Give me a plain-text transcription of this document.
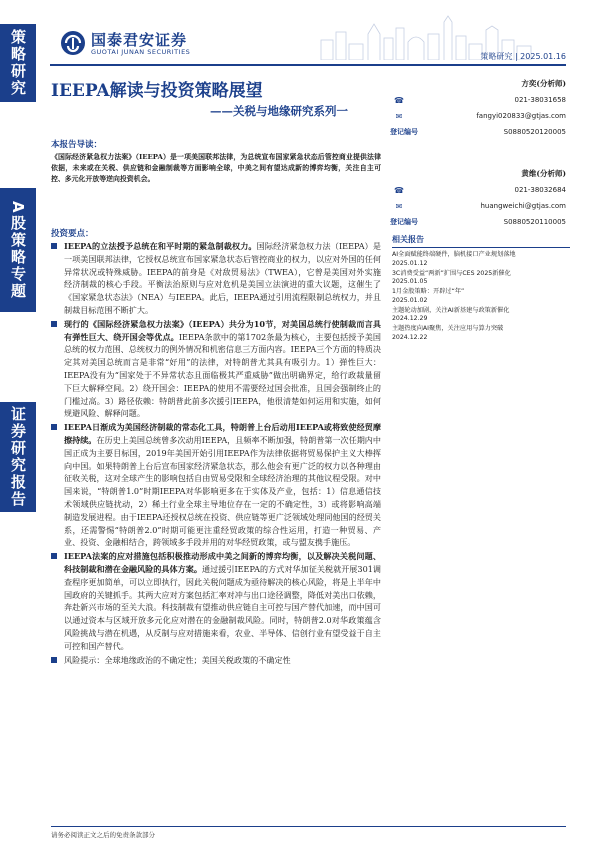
策略研究
A股策略专题
证券研究报告
国泰君安证券
GUOTAI JUNAN SECURITIES	策略研究 | 2025.01.16
IEEPA解读与投资策略展望
——关税与地缘研究系列一
方奕(分析师)
☎	021-38031658
✉	fangyi020833@gtjas.com
登记编号	S0880520120005
黄维(分析师)
☎	021-38032684
✉	huangweichi@gtjas.com
登记编号	S0880520110005
相关报告
AI全面赋能终端硬件，脑机接口产业规划落地
2025.01.12
3C消费受益“两新”扩围与CES 2025新催化
2025.01.05
1月金股策略：开辟过“年”
2025.01.02
主题轮动加剧，关注AI新基建与政策新催化
2024.12.29
主题热度向AI聚焦，关注应用与算力突破
2024.12.22
本报告导读：
《国际经济紧急权力法案》（IEEPA）是一项美国联邦法律，为总统宣布国家紧急状态后管控商业提供法律依据，未来或在关税、供应链和金融制裁等方面影响全球，中美之间有望达成新的博弈均衡，关注自主可控、多元化开放等逆向投资机会。
投资要点：
IEEPA的立法授予总统在和平时期的紧急制裁权力。国际经济紧急权力法（IEEPA）是一项美国联邦法律，它授权总统宣布国家紧急状态后管控商业的权力，以应对外国的任何异常状况或特殊威胁。IEEPA的前身是《对敌贸易法》（TWEA），它曾是美国对外实施经济制裁的核心手段。平衡法治原则与应对危机是美国立法演进的重大议题，这催生了《国家紧急状态法》（NEA）与IEEPA。此后，IEEPA通过引用流程限制总统权力，并且制裁目标范围不断扩大。
现行的《国际经济紧急权力法案》（IEEPA）共分为10节，对美国总统行使制裁而言具有弹性巨大、绕开国会等优点。IEEPA条款中的第1702条最为核心，主要包括授予美国总统的权力范围、总统权力的例外情况和机密信息三方面内容。IEEPA三个方面的特质决定其对美国总统而言是非常“好用”的法律，对特朗普尤其具有吸引力。1）弹性巨大：IEEPA没有为“国家处于不异常状态且面临极其严重威胁”做出明确界定，给行政裁量留下巨大解释空间。2）绕开国会：IEEPA的使用不需要经过国会批准，且国会强制终止的门槛过高。3）路径依赖：特朗普此前多次援引IEEPA，他很清楚如何运用和实施，如何规避风险、解释问题。
IEEPA日渐成为美国经济制裁的常态化工具，特朗普上台后动用IEEPA或将致使经贸摩擦持续。在历史上美国总统曾多次动用IEEPA，且频率不断加强，特朗普第一次任期内中国正成为主要目标国，2019年美国开始引用IEEPA作为法律依据将贸易保护主义大棒挥向中国。如果特朗普上台后宣布国家经济紧急状态，那么他会有更广泛的权力以各种理由征收关税，这对全球产生的影响包括自由贸易受限和全球经济治理的其他议程受限。对中国来说，“特朗普1.0”时期IEEPA对华影响更多在于实体及产业，包括：1）信息通信技术领域供应链扰动，2）稀土行业全球主导地位存在一定的不确定性，3）或将影响高端制造发展进程。由于IEEPA还授权总统在投资、供应链等更广泛领域处理同他国的经贸关系，还需警惕“特朗普2.0”时期可能更注重经贸政策的综合性运用，打造一种贸易、产业、投资、金融相结合，跨领域多手段并用的对华经贸政策，或与盟友携手施压。
IEEPA法案的应对措施包括积极推动形成中美之间新的博弈均衡，以及解决关税问题、科技制裁和潜在金融风险的具体方案。通过援引IEEPA的方式对华加征关税就开展301调查程序更加简单，可以立即执行，因此关税问题成为亟待解决的核心风险，将是上半年中国政府的关键抓手。其两大应对方案包括汇率对冲与出口途径调整，降低对美出口依赖，奔赴新兴市场的至关大浪。科技制裁有望推动供应链自主可控与国产替代加速，而中国可以通过资本与区域开放多元化应对潜在的金融制裁风险。同时，特朗普2.0对华政策蕴含风险挑战与潜在机遇，从反制与应对措施来看，农业、半导体、信创行业有望受益于自主可控和国产替代。
风险提示：全球地缘政治的不确定性；美国关税政策的不确定性
请务必阅读正文之后的免责条款部分
